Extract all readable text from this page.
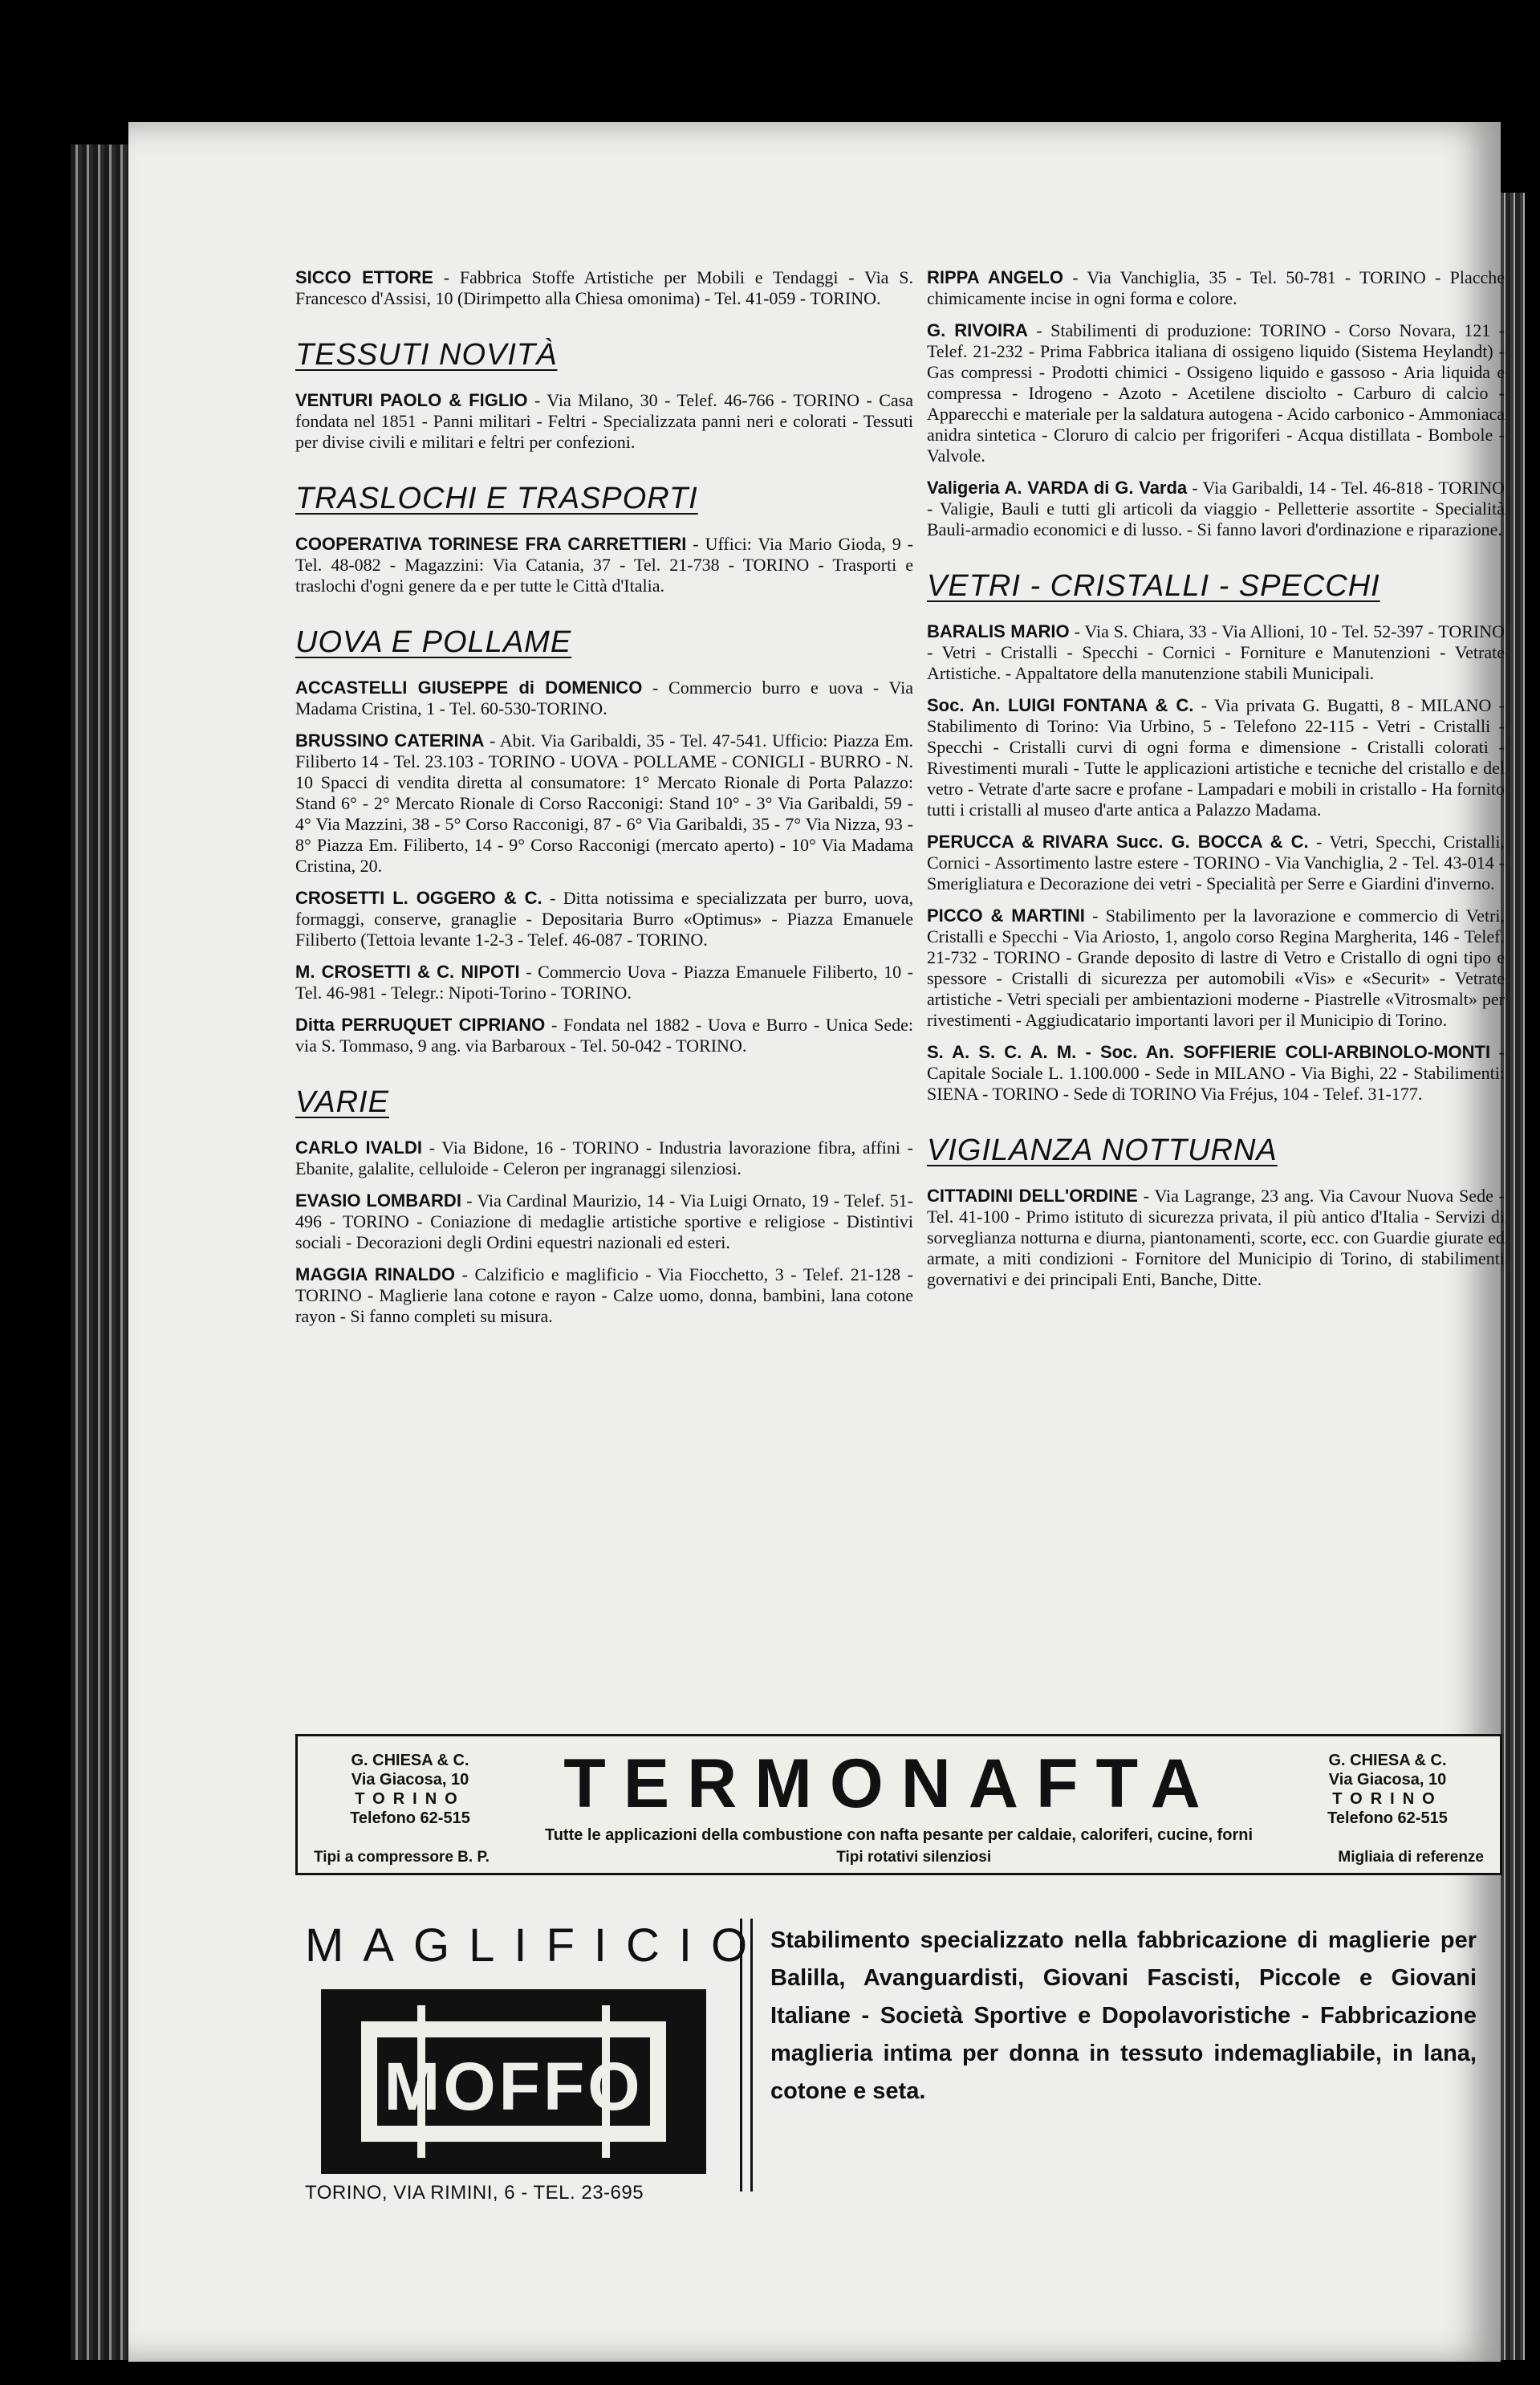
SICCO ETTORE - Fabbrica Stoffe Artistiche per Mobili e Tendaggi - Via S. Francesco d'Assisi, 10 (Dirimpetto alla Chiesa omonima) - Tel. 41-059 - TORINO.

TESSUTI NOVITÀ

VENTURI PAOLO & FIGLIO - Via Milano, 30 - Telef. 46-766 - TORINO - Casa fondata nel 1851 - Panni militari - Feltri - Specializzata panni neri e colorati - Tessuti per divise civili e militari e feltri per confezioni.

TRASLOCHI E TRASPORTI

COOPERATIVA TORINESE FRA CARRETTIERI - Uffici: Via Mario Gioda, 9 - Tel. 48-082 - Magazzini: Via Catania, 37 - Tel. 21-738 - TORINO - Trasporti e traslochi d'ogni genere da e per tutte le Città d'Italia.

UOVA E POLLAME

ACCASTELLI GIUSEPPE di DOMENICO - Commercio burro e uova - Via Madama Cristina, 1 - Tel. 60-530-TORINO.

BRUSSINO CATERINA - Abit. Via Garibaldi, 35 - Tel. 47-541. Ufficio: Piazza Em. Filiberto 14 - Tel. 23.103 - TORINO - UOVA - POLLAME - CONIGLI - BURRO - N. 10 Spacci di vendita diretta al consumatore: 1° Mercato Rionale di Porta Palazzo: Stand 6° - 2° Mercato Rionale di Corso Racconigi: Stand 10° - 3° Via Garibaldi, 59 - 4° Via Mazzini, 38 - 5° Corso Racconigi, 87 - 6° Via Garibaldi, 35 - 7° Via Nizza, 93 - 8° Piazza Em. Filiberto, 14 - 9° Corso Racconigi (mercato aperto) - 10° Via Madama Cristina, 20.

CROSETTI L. OGGERO & C. - Ditta notissima e specializzata per burro, uova, formaggi, conserve, granaglie - Depositaria Burro «Optimus» - Piazza Emanuele Filiberto (Tettoia levante 1-2-3 - Telef. 46-087 - TORINO.

M. CROSETTI & C. NIPOTI - Commercio Uova - Piazza Emanuele Filiberto, 10 - Tel. 46-981 - Telegr.: Nipoti-Torino - TORINO.

Ditta PERRUQUET CIPRIANO - Fondata nel 1882 - Uova e Burro - Unica Sede: via S. Tommaso, 9 ang. via Barbaroux - Tel. 50-042 - TORINO.

VARIE

CARLO IVALDI - Via Bidone, 16 - TORINO - Industria lavorazione fibra, affini - Ebanite, galalite, celluloide - Celeron per ingranaggi silenziosi.

EVASIO LOMBARDI - Via Cardinal Maurizio, 14 - Via Luigi Ornato, 19 - Telef. 51-496 - TORINO - Coniazione di medaglie artistiche sportive e religiose - Distintivi sociali - Decorazioni degli Ordini equestri nazionali ed esteri.

MAGGIA RINALDO - Calzificio e maglificio - Via Fiocchetto, 3 - Telef. 21-128 - TORINO - Maglierie lana cotone e rayon - Calze uomo, donna, bambini, lana cotone rayon - Si fanno completi su misura.

RIPPA ANGELO - Via Vanchiglia, 35 - Tel. 50-781 - TORINO - Placche chimicamente incise in ogni forma e colore.

G. RIVOIRA - Stabilimenti di produzione: TORINO - Corso Novara, 121 - Telef. 21-232 - Prima Fabbrica italiana di ossigeno liquido (Sistema Heylandt) - Gas compressi - Prodotti chimici - Ossigeno liquido e gassoso - Aria liquida e compressa - Idrogeno - Azoto - Acetilene disciolto - Carburo di calcio - Apparecchi e materiale per la saldatura autogena - Acido carbonico - Ammoniaca anidra sintetica - Cloruro di calcio per frigoriferi - Acqua distillata - Bombole - Valvole.

Valigeria A. VARDA di G. Varda - Via Garibaldi, 14 - Tel. 46-818 - TORINO - Valigie, Bauli e tutti gli articoli da viaggio - Pelletterie assortite - Specialità Bauli-armadio economici e di lusso. - Si fanno lavori d'ordinazione e riparazione.

VETRI - CRISTALLI - SPECCHI

BARALIS MARIO - Via S. Chiara, 33 - Via Allioni, 10 - Tel. 52-397 - TORINO - Vetri - Cristalli - Specchi - Cornici - Forniture e Manutenzioni - Vetrate Artistiche. - Appaltatore della manutenzione stabili Municipali.

Soc. An. LUIGI FONTANA & C. - Via privata G. Bugatti, 8 - MILANO - Stabilimento di Torino: Via Urbino, 5 - Telefono 22-115 - Vetri - Cristalli - Specchi - Cristalli curvi di ogni forma e dimensione - Cristalli colorati - Rivestimenti murali - Tutte le applicazioni artistiche e tecniche del cristallo e del vetro - Vetrate d'arte sacre e profane - Lampadari e mobili in cristallo - Ha fornito tutti i cristalli al museo d'arte antica a Palazzo Madama.

PERUCCA & RIVARA Succ. G. BOCCA & C. - Vetri, Specchi, Cristalli, Cornici - Assortimento lastre estere - TORINO - Via Vanchiglia, 2 - Tel. 43-014 - Smerigliatura e Decorazione dei vetri - Specialità per Serre e Giardini d'inverno.

PICCO & MARTINI - Stabilimento per la lavorazione e commercio di Vetri, Cristalli e Specchi - Via Ariosto, 1, angolo corso Regina Margherita, 146 - Telef. 21-732 - TORINO - Grande deposito di lastre di Vetro e Cristallo di ogni tipo e spessore - Cristalli di sicurezza per automobili «Vis» e «Securit» - Vetrate artistiche - Vetri speciali per ambientazioni moderne - Piastrelle «Vitrosmalt» per rivestimenti - Aggiudicatario importanti lavori per il Municipio di Torino.

S. A. S. C. A. M. - Soc. An. SOFFIERIE COLI-ARBINOLO-MONTI - Capitale Sociale L. 1.100.000 - Sede in MILANO - Via Bighi, 22 - Stabilimenti: SIENA - TORINO - Sede di TORINO Via Fréjus, 104 - Telef. 31-177.

VIGILANZA NOTTURNA

CITTADINI DELL'ORDINE - Via Lagrange, 23 ang. Via Cavour Nuova Sede - Tel. 41-100 - Primo istituto di sicurezza privata, il più antico d'Italia - Servizi di sorveglianza notturna e diurna, piantonamenti, scorte, ecc. con Guardie giurate ed armate, a miti condizioni - Fornitore del Municipio di Torino, di stabilimenti governativi e dei principali Enti, Banche, Ditte.

G. CHIESA & C.
Via Giacosa, 10
TORINO
Telefono 62-515	TERMONAFTA	G. CHIESA & C.
Via Giacosa, 10
TORINO
Telefono 62-515
Tutte le applicazioni della combustione con nafta pesante per caldaie, caloriferi, cucine, forni
Tipi a compressore B. P.	Tipi rotativi silenziosi	Migliaia di referenze
MAGLIFICIO
MOFFO
TORINO, VIA RIMINI, 6 - TEL. 23-695
Stabilimento specializzato nella fabbricazione di maglierie per Balilla, Avanguardisti, Giovani Fascisti, Piccole e Giovani Italiane - Società Sportive e Dopolavoristiche - Fabbricazione maglieria intima per donna in tessuto indemagliabile, in lana, cotone e seta.
